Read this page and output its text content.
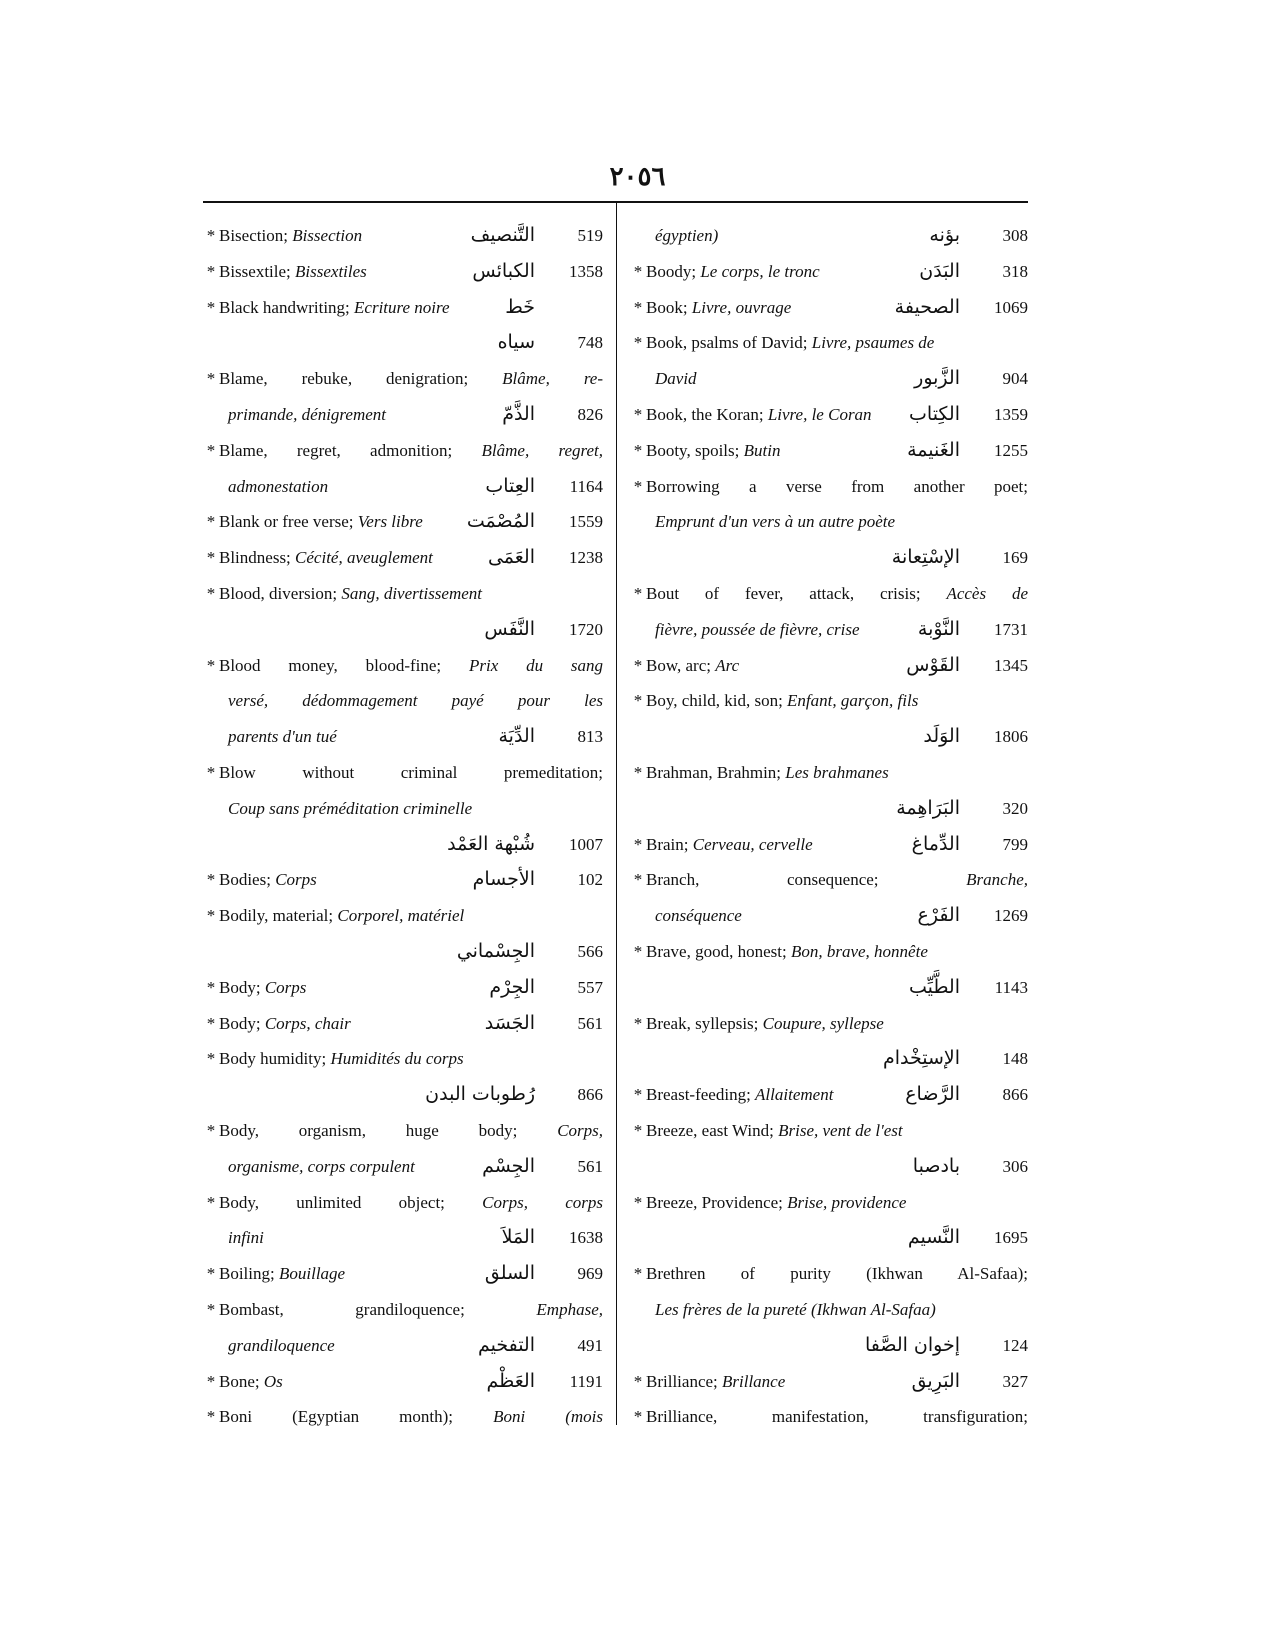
٢٠٥٦
* Bisection; Bissection	التَّنصيف	519
* Bissextile; Bissextiles	الكبائس	1358
* Black handwriting; Ecriture noire	خَط
سياه	748
* Blame, rebuke, denigration; Blâme, re-
primande, dénigrement	الذَّمّ	826
* Blame, regret, admonition; Blâme, regret,
admonestation	العِتاب	1164
* Blank or free verse; Vers libre المُصْمَت	1559
* Blindness; Cécité, aveuglement	العَمَى	1238
* Blood, diversion; Sang, divertissement
النَّفَس	1720
* Blood money, blood-fine; Prix du sang
versé, dédommagement payé pour les
parents d'un tué	الدِّيَة	813
* Blow without criminal premeditation;
Coup sans préméditation criminelle
شُبْهة العَمْد	1007
* Bodies; Corps	الأجسام	102
* Bodily, material; Corporel, matériel
الجِسْماني	566
* Body; Corps	الجِرْم	557
* Body; Corps, chair	الجَسَد	561
* Body humidity; Humidités du corps
رُطوبات البدن	866
* Body, organism, huge body; Corps,
organisme, corps corpulent	الجِسْم	561
* Body, unlimited object; Corps, corps
infini	المَلاَ	1638
* Boiling; Bouillage	السلق	969
* Bombast, grandiloquence;	Emphase,
grandiloquence	التفخيم	491
* Bone; Os	العَظْم	1191
* Boni (Egyptian month); Boni (mois
égyptien)	بؤنه	308
* Boody; Le corps, le tronc	البَدَن	318
* Book; Livre, ouvrage	الصحيفة	1069
* Book, psalms of David; Livre, psaumes de
David	الزَّبور	904
* Book, the Koran; Livre, le Coran الكِتاب	1359
* Booty, spoils; Butin	الغَنيمة	1255
* Borrowing a verse from another poet;
Emprunt d'un vers à un autre poète
الإسْتِعانة	169
* Bout of fever, attack, crisis; Accès de
fièvre, poussée de fièvre, crise	النَّوْبة	1731
* Bow, arc; Arc	القَوْس	1345
* Boy, child, kid, son; Enfant, garçon, fils
الوَلَد	1806
* Brahman, Brahmin; Les brahmanes
البَرَاهِمة	320
* Brain; Cerveau, cervelle	الدِّماغ	799
* Branch, consequence;	Branche,
conséquence	الفَرْع	1269
* Brave, good, honest; Bon, brave, honnête
الطَّيِّب	1143
* Break, syllepsis; Coupure, syllepse
الإستِخْدام	148
* Breast-feeding; Allaitement	الرَّضاع	866
* Breeze, east Wind; Brise, vent de l'est
بادصبا	306
* Breeze, Providence; Brise, providence
النَّسيم	1695
* Brethren of purity (Ikhwan Al-Safaa);
Les frères de la pureté (Ikhwan Al-Safaa)
إخوان الصَّفا	124
* Brilliance; Brillance	البَرِيق	327
* Brilliance, manifestation, transfiguration;
